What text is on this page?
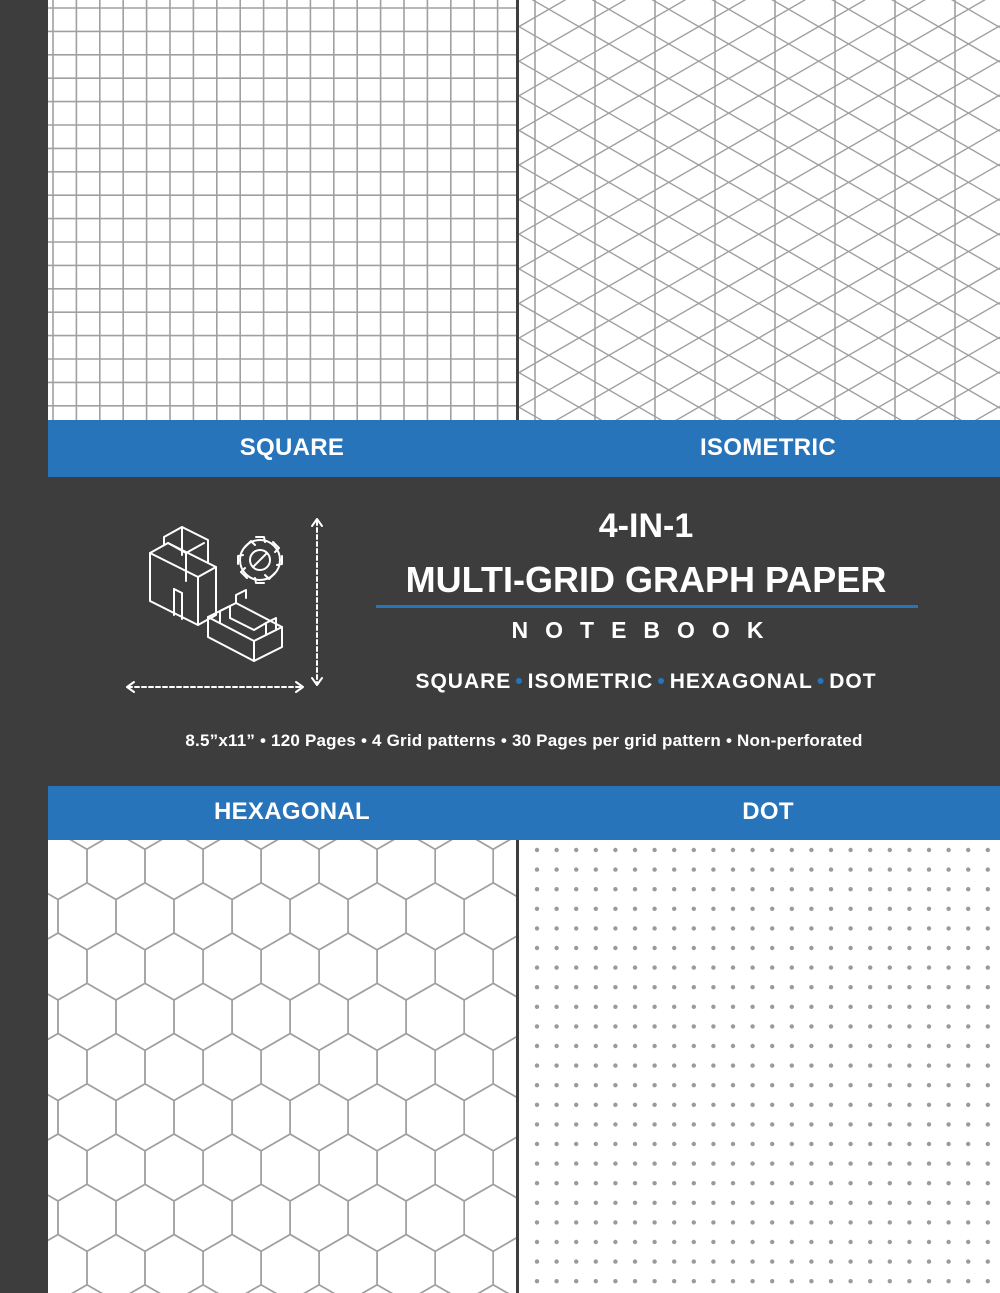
SQUARE	ISOMETRIC
4-IN-1
MULTI-GRID GRAPH PAPER
NOTEBOOK
SQUARE • ISOMETRIC • HEXAGONAL • DOT
8.5”x11” • 120 Pages • 4 Grid patterns • 30 Pages per grid pattern • Non-perforated
HEXAGONAL	DOT
